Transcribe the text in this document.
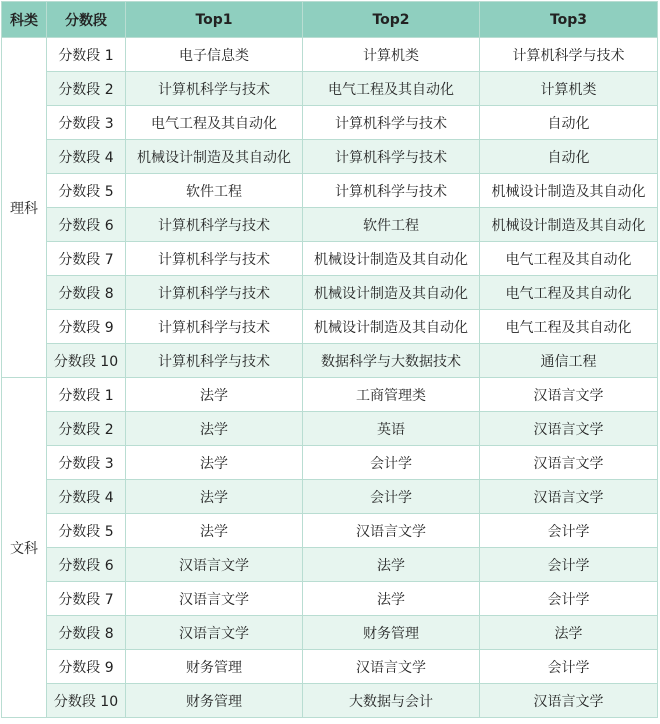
科类	分数段	Top1	Top2	Top3
理科	分数段 1	电子信息类	计算机类	计算机科学与技术
	分数段 2	计算机科学与技术	电气工程及其自动化	计算机类
	分数段 3	电气工程及其自动化	计算机科学与技术	自动化
	分数段 4	机械设计制造及其自动化	计算机科学与技术	自动化
	分数段 5	软件工程	计算机科学与技术	机械设计制造及其自动化
	分数段 6	计算机科学与技术	软件工程	机械设计制造及其自动化
	分数段 7	计算机科学与技术	机械设计制造及其自动化	电气工程及其自动化
	分数段 8	计算机科学与技术	机械设计制造及其自动化	电气工程及其自动化
	分数段 9	计算机科学与技术	机械设计制造及其自动化	电气工程及其自动化
	分数段 10	计算机科学与技术	数据科学与大数据技术	通信工程
文科	分数段 1	法学	工商管理类	汉语言文学
	分数段 2	法学	英语	汉语言文学
	分数段 3	法学	会计学	汉语言文学
	分数段 4	法学	会计学	汉语言文学
	分数段 5	法学	汉语言文学	会计学
	分数段 6	汉语言文学	法学	会计学
	分数段 7	汉语言文学	法学	会计学
	分数段 8	汉语言文学	财务管理	法学
	分数段 9	财务管理	汉语言文学	会计学
	分数段 10	财务管理	大数据与会计	汉语言文学
